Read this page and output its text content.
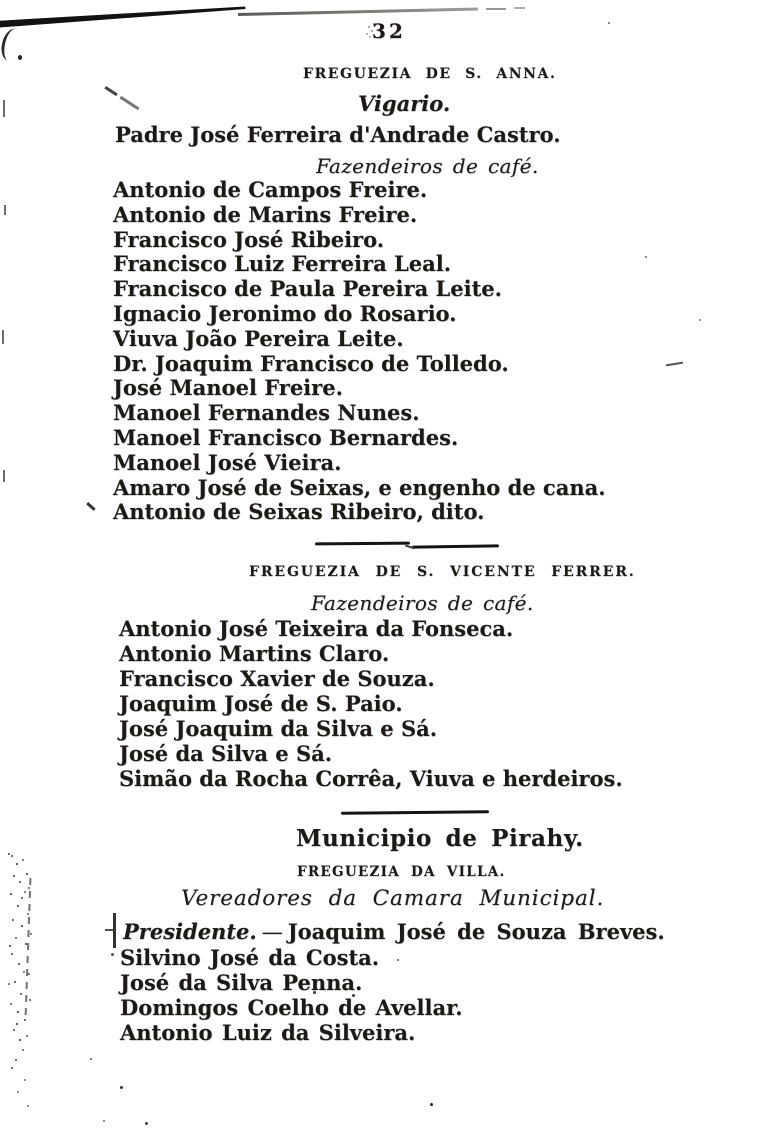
32
FREGUEZIA DE S. ANNA.
Vigario.
Padre José Ferreira d'Andrade Castro.
Fazendeiros de café.
Antonio de Campos Freire.
Antonio de Marins Freire.
Francisco José Ribeiro.
Francisco Luiz Ferreira Leal.
Francisco de Paula Pereira Leite.
Ignacio Jeronimo do Rosario.
Viuva João Pereira Leite.
Dr. Joaquim Francisco de Tolledo.
José Manoel Freire.
Manoel Fernandes Nunes.
Manoel Francisco Bernardes.
Manoel José Vieira.
Amaro José de Seixas, e engenho de cana.
Antonio de Seixas Ribeiro, dito.
FREGUEZIA DE S. VICENTE FERRER.
Fazendeiros de café.
Antonio José Teixeira da Fonseca.
Antonio Martins Claro.
Francisco Xavier de Souza.
Joaquim José de S. Paio.
José Joaquim da Silva e Sá.
José da Silva e Sá.
Simão da Rocha Corrêa, Viuva e herdeiros.
Municipio de Pirahy.
FREGUEZIA DA VILLA.
Vereadores da Camara Municipal.
Presidente. — Joaquim José de Souza Breves.
Silvino José da Costa.
José da Silva Penna.
Domingos Coelho de Avellar.
Antonio Luiz da Silveira.
